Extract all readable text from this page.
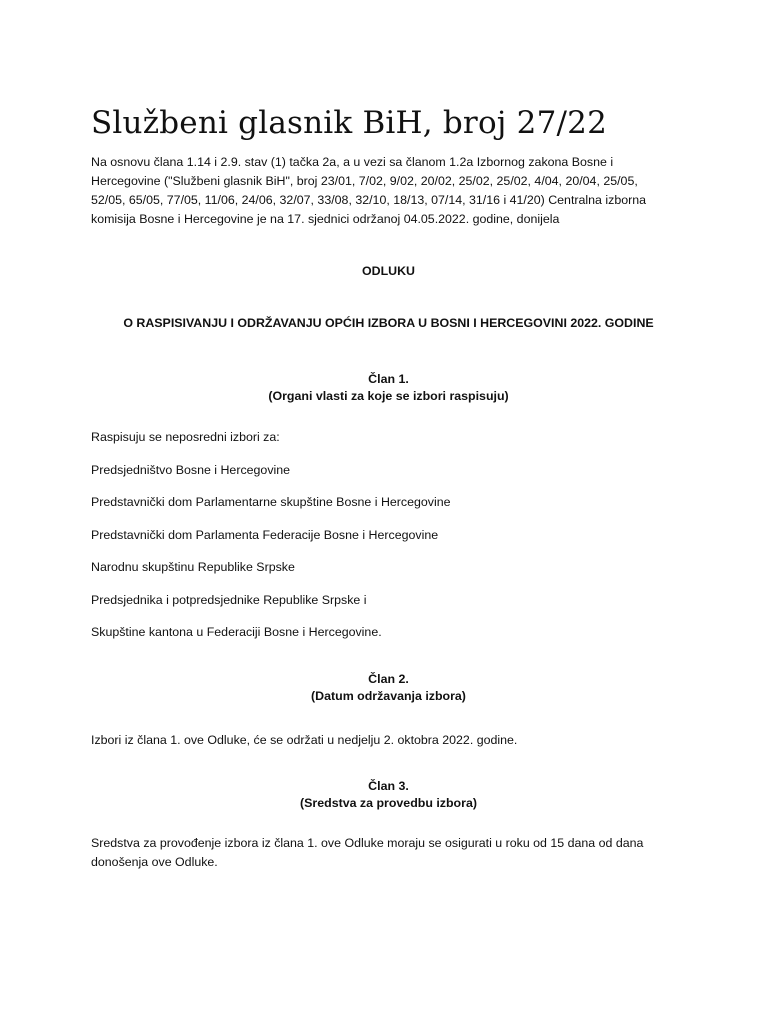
Službeni glasnik BiH, broj 27/22

Na osnovu člana 1.14 i 2.9. stav (1) tačka 2a, a u vezi sa članom 1.2a Izbornog zakona Bosne i Hercegovine ("Službeni glasnik BiH", broj 23/01, 7/02, 9/02, 20/02, 25/02, 25/02, 4/04, 20/04, 25/05, 52/05, 65/05, 77/05, 11/06, 24/06, 32/07, 33/08, 32/10, 18/13, 07/14, 31/16 i 41/20) Centralna izborna komisija Bosne i Hercegovine je na 17. sjednici održanoj 04.05.2022. godine, donijela

ODLUKU

O RASPISIVANJU I ODRŽAVANJU OPĆIH IZBORA U BOSNI I HERCEGOVINI 2022. GODINE

Član 1.
(Organi vlasti za koje se izbori raspisuju)

Raspisuju se neposredni izbori za:

Predsjedništvo Bosne i Hercegovine

Predstavnički dom Parlamentarne skupštine Bosne i Hercegovine

Predstavnički dom Parlamenta Federacije Bosne i Hercegovine

Narodnu skupštinu Republike Srpske

Predsjednika i potpredsjednike Republike Srpske i

Skupštine kantona u Federaciji Bosne i Hercegovine.

Član 2.
(Datum održavanja izbora)

Izbori iz člana 1. ove Odluke, će se održati u nedjelju 2. oktobra 2022. godine.

Član 3.
(Sredstva za provedbu izbora)

Sredstva za provođenje izbora iz člana 1. ove Odluke moraju se osigurati u roku od 15 dana od dana donošenja ove Odluke.
